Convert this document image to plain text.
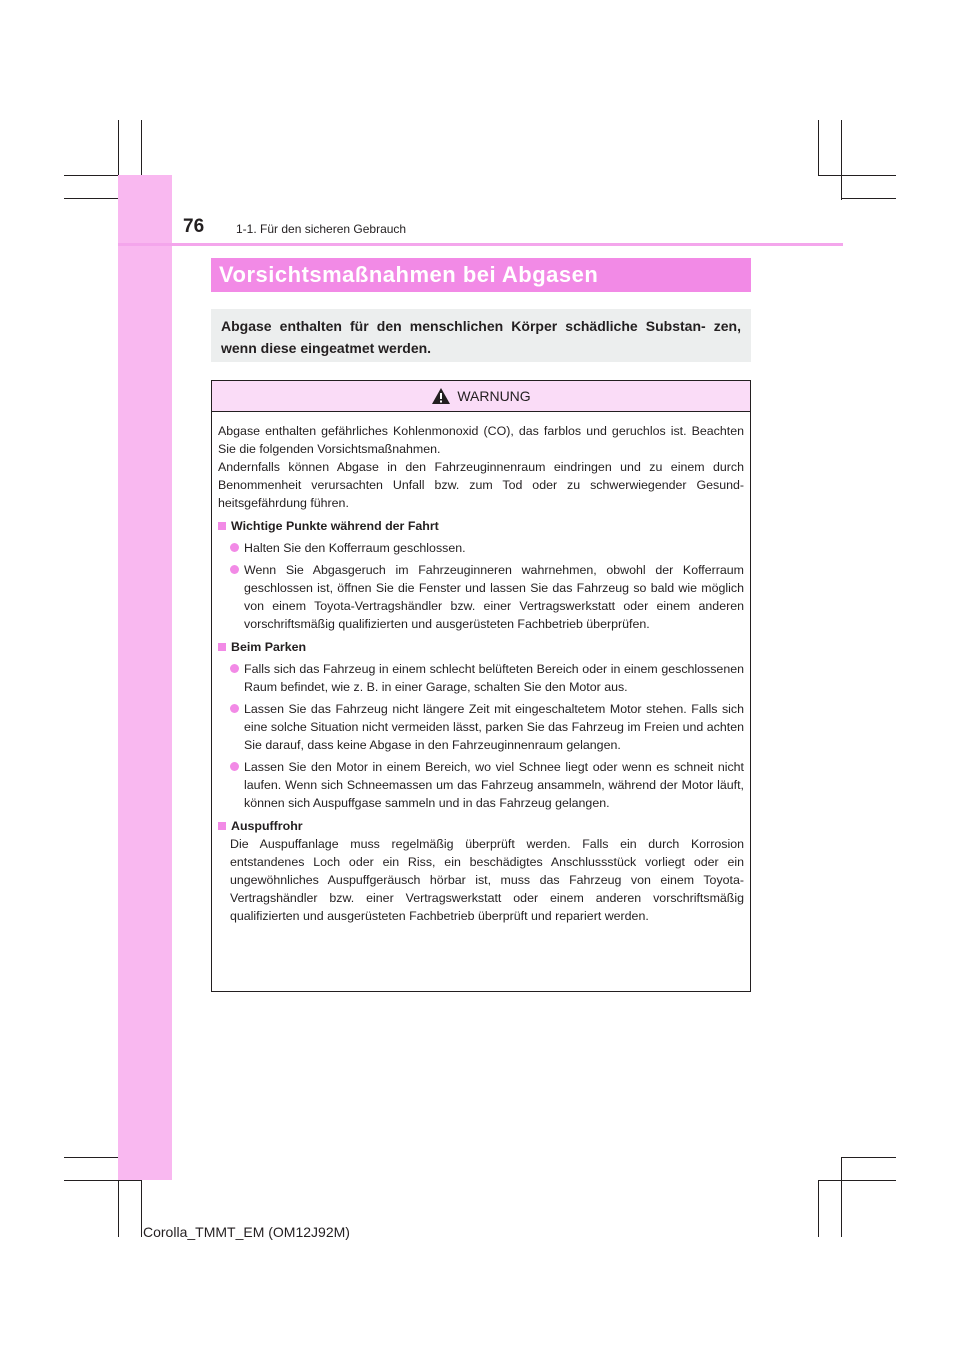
76	1-1. Für den sicheren Gebrauch
Vorsichtsmaßnahmen bei Abgasen
Abgase enthalten für den menschlichen Körper schädliche Substan- zen, wenn diese eingeatmet werden.
WARNUNG

Abgase enthalten gefährliches Kohlenmonoxid (CO), das farblos und geruchlos ist. Beachten Sie die folgenden Vorsichtsmaßnahmen.

Andernfalls können Abgase in den Fahrzeuginnenraum eindringen und zu einem durch Benommenheit verursachten Unfall bzw. zum Tod oder zu schwerwiegender Gesund- heitsgefährdung führen.

Wichtige Punkte während der Fahrt
Halten Sie den Kofferraum geschlossen.
Wenn Sie Abgasgeruch im Fahrzeuginneren wahrnehmen, obwohl der Kofferraum geschlossen ist, öffnen Sie die Fenster und lassen Sie das Fahrzeug so bald wie möglich von einem Toyota-Vertragshändler bzw. einer Vertragswerkstatt oder einem anderen vorschriftsmäßig qualifizierten und ausgerüsteten Fachbetrieb überprüfen.
Beim Parken
Falls sich das Fahrzeug in einem schlecht belüfteten Bereich oder in einem geschlossenen Raum befindet, wie z. B. in einer Garage, schalten Sie den Motor aus.
Lassen Sie das Fahrzeug nicht längere Zeit mit eingeschaltetem Motor stehen. Falls sich eine solche Situation nicht vermeiden lässt, parken Sie das Fahrzeug im Freien und achten Sie darauf, dass keine Abgase in den Fahrzeuginnenraum gelangen.
Lassen Sie den Motor in einem Bereich, wo viel Schnee liegt oder wenn es schneit nicht laufen. Wenn sich Schneemassen um das Fahrzeug ansammeln, während der Motor läuft, können sich Auspuffgase sammeln und in das Fahrzeug gelangen.
Auspuffrohr

Die Auspuffanlage muss regelmäßig überprüft werden. Falls ein durch Korrosion entstandenes Loch oder ein Riss, ein beschädigtes Anschlussstück vorliegt oder ein ungewöhnliches Auspuffgeräusch hörbar ist, muss das Fahrzeug von einem Toyota- Vertragshändler bzw. einer Vertragswerkstatt oder einem anderen vorschriftsmäßig qualifizierten und ausgerüsteten Fachbetrieb überprüft und repariert werden.

Corolla_TMMT_EM (OM12J92M)
